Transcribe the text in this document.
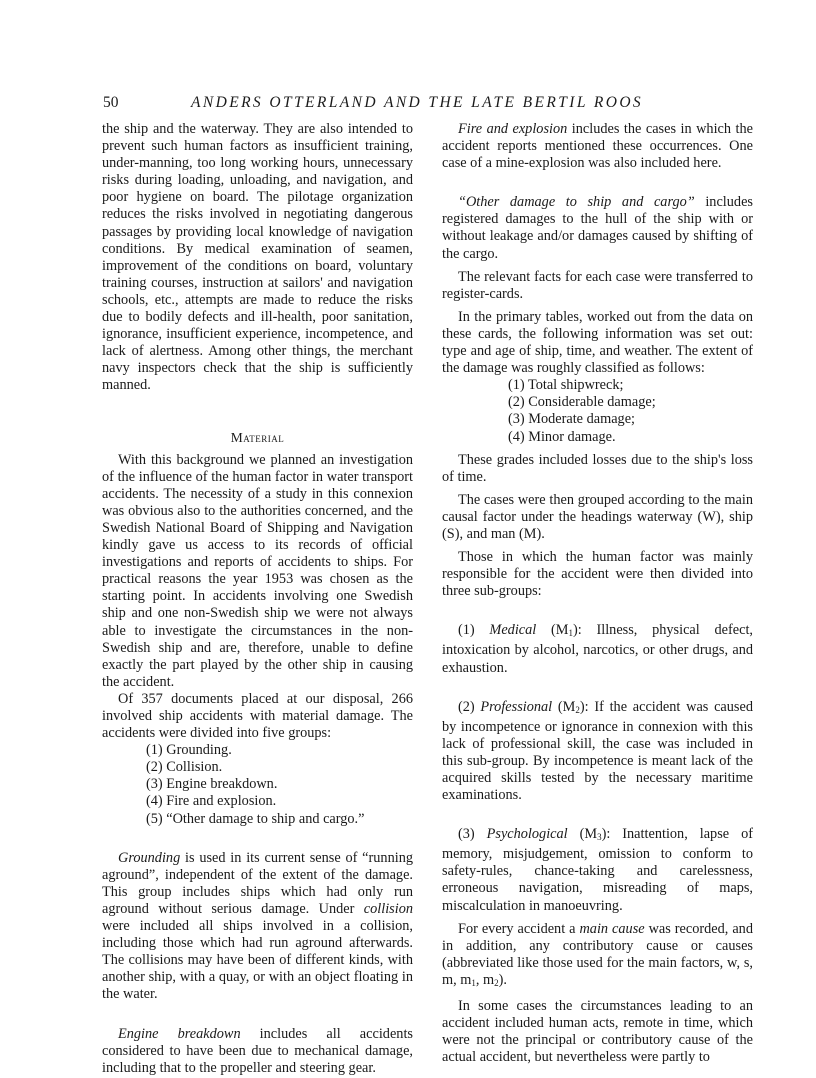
50	ANDERS OTTERLAND AND THE LATE BERTIL ROOS

the ship and the waterway. They are also intended to prevent such human factors as insufficient training, under-manning, too long working hours, unnecessary risks during loading, unloading, and navigation, and poor hygiene on board. The pilotage organization reduces the risks involved in negotiating dangerous passages by providing local knowledge of navigation conditions. By medical examination of seamen, improvement of the conditions on board, voluntary training courses, instruction at sailors' and navigation schools, etc., attempts are made to reduce the risks due to bodily defects and ill-health, poor sanitation, ignorance, insufficient experience, incompetence, and lack of alertness. Among other things, the merchant navy inspectors check that the ship is sufficiently manned.

Material

With this background we planned an investigation of the influence of the human factor in water transport accidents. The necessity of a study in this connexion was obvious also to the authorities concerned, and the Swedish National Board of Shipping and Navigation kindly gave us access to its records of official investigations and reports of accidents to ships. For practical reasons the year 1953 was chosen as the starting point. In accidents involving one Swedish ship and one non-Swedish ship we were not always able to investigate the circumstances in the non-Swedish ship and are, therefore, unable to define exactly the part played by the other ship in causing the accident.

Of 357 documents placed at our disposal, 266 involved ship accidents with material damage. The accidents were divided into five groups:

(1) Grounding.
(2) Collision.
(3) Engine breakdown.
(4) Fire and explosion.
(5) “Other damage to ship and cargo.”

Grounding is used in its current sense of “running aground”, independent of the extent of the damage. This group includes ships which had only run aground without serious damage. Under collision were included all ships involved in a collision, including those which had run aground afterwards. The collisions may have been of different kinds, with another ship, with a quay, or with an object floating in the water.

Engine breakdown includes all accidents considered to have been due to mechanical damage, including that to the propeller and steering gear.

Fire and explosion includes the cases in which the accident reports mentioned these occurrences. One case of a mine-explosion was also included here.

“Other damage to ship and cargo” includes registered damages to the hull of the ship with or without leakage and/or damages caused by shifting of the cargo.

The relevant facts for each case were transferred to register-cards.

In the primary tables, worked out from the data on these cards, the following information was set out: type and age of ship, time, and weather. The extent of the damage was roughly classified as follows:

(1) Total shipwreck;
(2) Considerable damage;
(3) Moderate damage;
(4) Minor damage.

These grades included losses due to the ship's loss of time.

The cases were then grouped according to the main causal factor under the headings waterway (W), ship (S), and man (M).

Those in which the human factor was mainly responsible for the accident were then divided into three sub-groups:

(1) Medical $(M_1)$: Illness, physical defect, intoxication by alcohol, narcotics, or other drugs, and exhaustion.

(2) Professional $(M_2)$: If the accident was caused by incompetence or ignorance in connexion with this lack of professional skill, the case was included in this sub-group. By incompetence is meant lack of the acquired skills tested by the necessary maritime examinations.

(3) Psychological $(M_3)$: Inattention, lapse of memory, misjudgement, omission to conform to safety-rules, chance-taking and carelessness, erroneous navigation, misreading of maps, miscalculation in manoeuvring.

For every accident a main cause was recorded, and in addition, any contributory cause or causes (abbreviated like those used for the main factors, w, s, m, $m_1$, $m_2$).

In some cases the circumstances leading to an accident included human acts, remote in time, which were not the principal or contributory cause of the actual accident, but nevertheless were partly to
